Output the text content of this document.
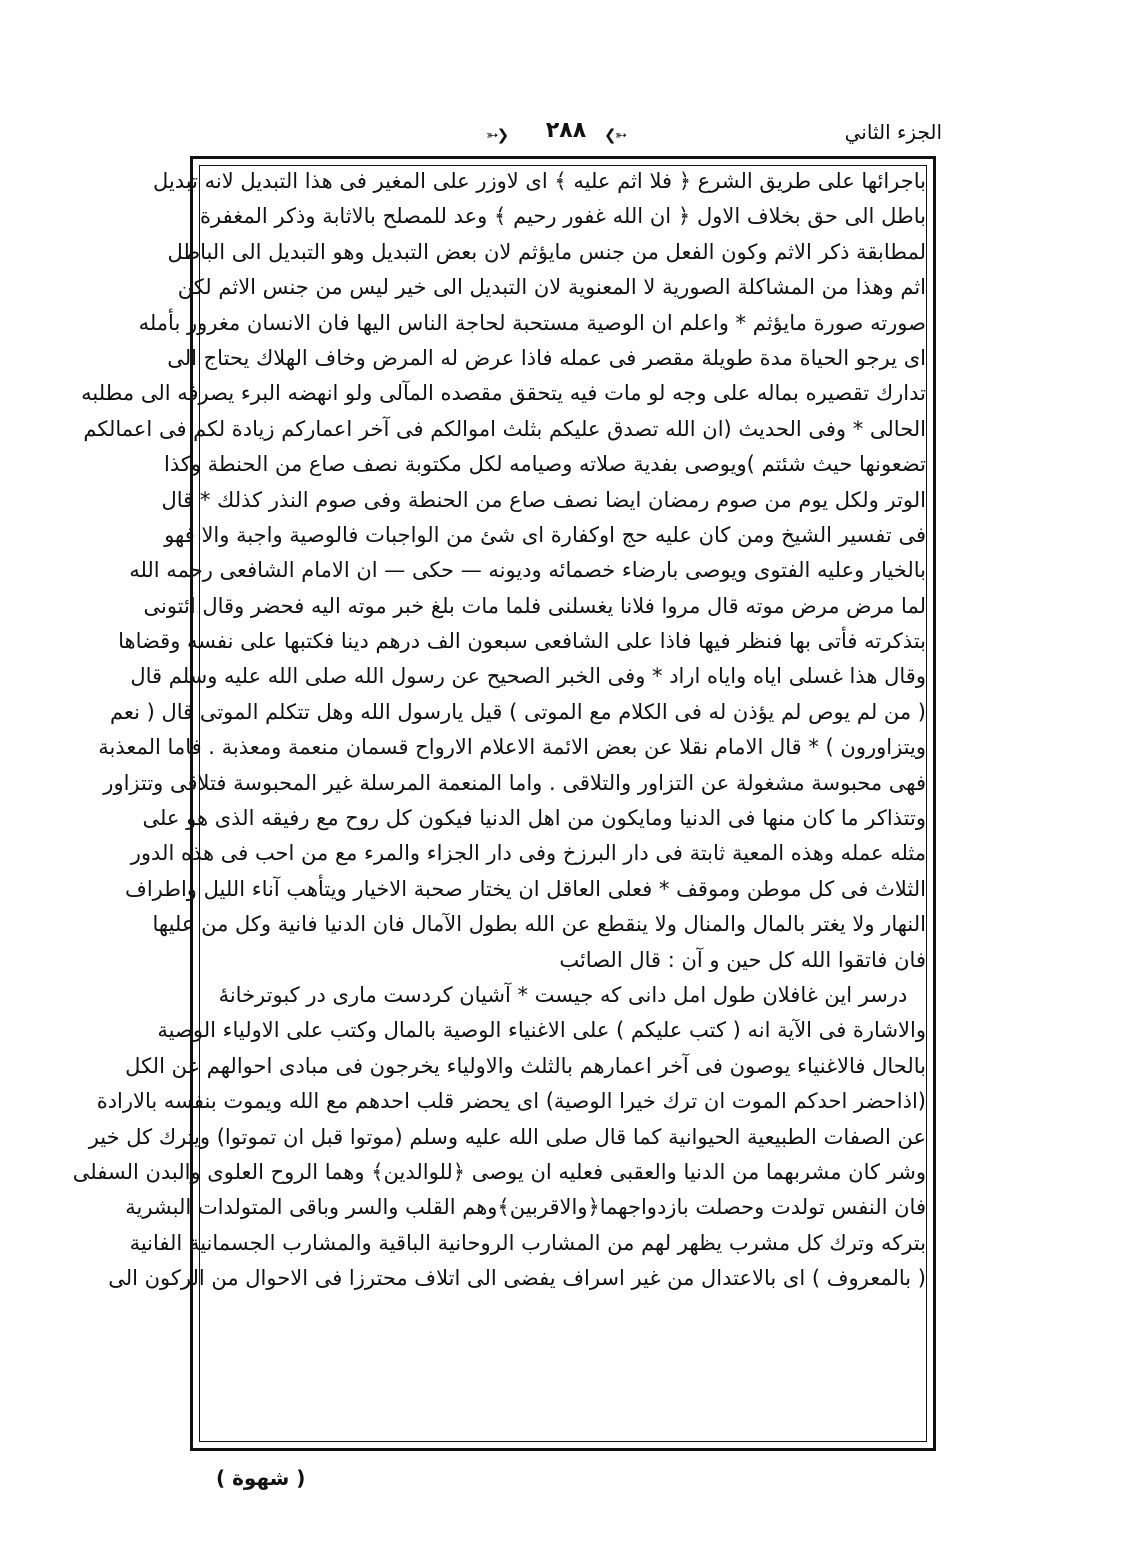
الجزء الثاني
➳❯	٢٨٨	❮➳
باجرائها على طريق الشرع ﴿ فلا اثم عليه ﴾ اى لاوزر على المغير فى هذا التبديل لانه تبديل
باطل الى حق بخلاف الاول ﴿ ان الله غفور رحيم ﴾ وعد للمصلح بالاثابة وذكر المغفرة
لمطابقة ذكر الاثم وكون الفعل من جنس مايؤثم لان بعض التبديل وهو التبديل الى الباطل
اثم وهذا من المشاكلة الصورية لا المعنوية لان التبديل الى خير ليس من جنس الاثم لكن
صورته صورة مايؤثم * واعلم ان الوصية مستحبة لحاجة الناس اليها فان الانسان مغرور بأمله
اى يرجو الحياة مدة طويلة مقصر فى عمله فاذا عرض له المرض وخاف الهلاك يحتاج الى
تدارك تقصيره بماله على وجه لو مات فيه يتحقق مقصده المآلى ولو انهضه البرء يصرفه الى مطلبه
الحالى * وفى الحديث (ان الله تصدق عليكم بثلث اموالكم فى آخر اعماركم زيادة لكم فى اعمالكم
تضعونها حيث شئتم )ويوصى بفدية صلاته وصيامه لكل مكتوبة نصف صاع من الحنطة وكذا
الوتر ولكل يوم من صوم رمضان ايضا نصف صاع من الحنطة وفى صوم النذر كذلك * قال
فى تفسير الشيخ ومن كان عليه حج اوكفارة اى شئ من الواجبات فالوصية واجبة والا فهو
بالخيار وعليه الفتوى ويوصى بارضاء خصمائه وديونه — حكى — ان الامام الشافعى رحمه الله
لما مرض مرض موته قال مروا فلانا يغسلنى فلما مات بلغ خبر موته اليه فحضر وقال ائتونى
بتذكرته فأتى بها فنظر فيها فاذا على الشافعى سبعون الف درهم دينا فكتبها على نفسه وقضاها
وقال هذا غسلى اياه واياه اراد * وفى الخبر الصحيح عن رسول الله صلى الله عليه وسلم قال
( من لم يوص لم يؤذن له فى الكلام مع الموتى ) قيل يارسول الله وهل تتكلم الموتى قال ( نعم
ويتزاورون ) * قال الامام نقلا عن بعض الائمة الاعلام الارواح قسمان منعمة ومعذبة . فاما المعذبة
فهى محبوسة مشغولة عن التزاور والتلاقى . واما المنعمة المرسلة غير المحبوسة فتلاقى وتتزاور
وتتذاكر ما كان منها فى الدنيا ومايكون من اهل الدنيا فيكون كل روح مع رفيقه الذى هو على
مثله عمله وهذه المعية ثابتة فى دار البرزخ وفى دار الجزاء والمرء مع من احب فى هذه الدور
الثلاث فى كل موطن وموقف * فعلى العاقل ان يختار صحبة الاخيار ويتأهب آناء الليل واطراف
النهار ولا يغتر بالمال والمنال ولا ينقطع عن الله بطول الآمال فان الدنيا فانية وكل من عليها
فان فاتقوا الله كل حين و آن : قال الصائب
درسر اين غافلان طول امل دانى كه جيست * آشيان كردست مارى در كبوترخانهٔ
والاشارة فى الآية انه ( كتب عليكم ) على الاغنياء الوصية بالمال وكتب على الاولياء الوصية
بالحال فالاغنياء يوصون فى آخر اعمارهم بالثلث والاولياء يخرجون فى مبادى احوالهم عن الكل
(اذاحضر احدكم الموت ان ترك خيرا الوصية) اى يحضر قلب احدهم مع الله ويموت بنفسه بالارادة
عن الصفات الطبيعية الحيوانية كما قال صلى الله عليه وسلم (موتوا قبل ان تموتوا) ويترك كل خير
وشر كان مشربهما من الدنيا والعقبى فعليه ان يوصى ﴿للوالدين﴾ وهما الروح العلوى والبدن السفلى
فان النفس تولدت وحصلت بازدواجهما﴿والاقربين﴾وهم القلب والسر وباقى المتولدات البشرية
بتركه وترك كل مشرب يظهر لهم من المشارب الروحانية الباقية والمشارب الجسمانية الفانية
( بالمعروف ) اى بالاعتدال من غير اسراف يفضى الى اتلاف محترزا فى الاحوال من الركون الى
( شهوة )
